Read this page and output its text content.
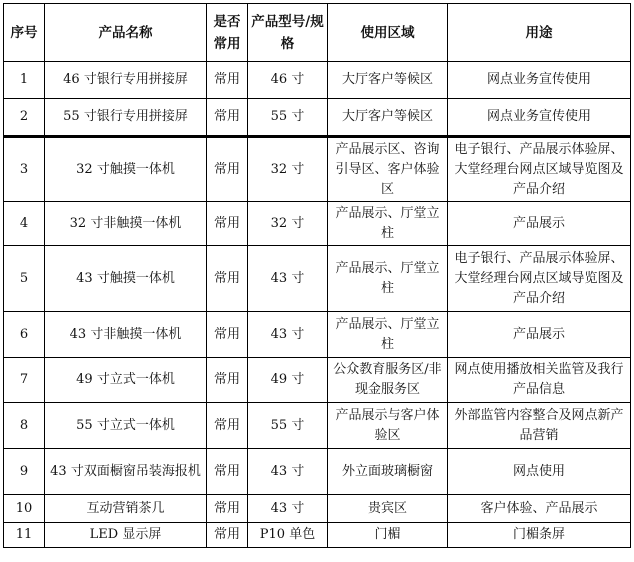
序号	产品名称	是否常用	产品型号/规格	使用区域	用途
1	46 寸银行专用拼接屏	常用	46 寸	大厅客户等候区	网点业务宣传使用
2	55 寸银行专用拼接屏	常用	55 寸	大厅客户等候区	网点业务宣传使用
3	32 寸触摸一体机	常用	32 寸	产品展示区、咨询引导区、客户体验区	电子银行、产品展示体验屏、大堂经理台网点区域导览图及产品介绍
4	32 寸非触摸一体机	常用	32 寸	产品展示、厅堂立柱	产品展示
5	43 寸触摸一体机	常用	43 寸	产品展示、厅堂立柱	电子银行、产品展示体验屏、大堂经理台网点区域导览图及产品介绍
6	43 寸非触摸一体机	常用	43 寸	产品展示、厅堂立柱	产品展示
7	49 寸立式一体机	常用	49 寸	公众教育服务区/非现金服务区	网点使用播放相关监管及我行产品信息
8	55 寸立式一体机	常用	55 寸	产品展示与客户体验区	外部监管内容整合及网点新产品营销
9	43 寸双面橱窗吊装海报机	常用	43 寸	外立面玻璃橱窗	网点使用
10	互动营销茶几	常用	43 寸	贵宾区	客户体验、产品展示
11	LED 显示屏	常用	P10 单色	门楣	门楣条屏
